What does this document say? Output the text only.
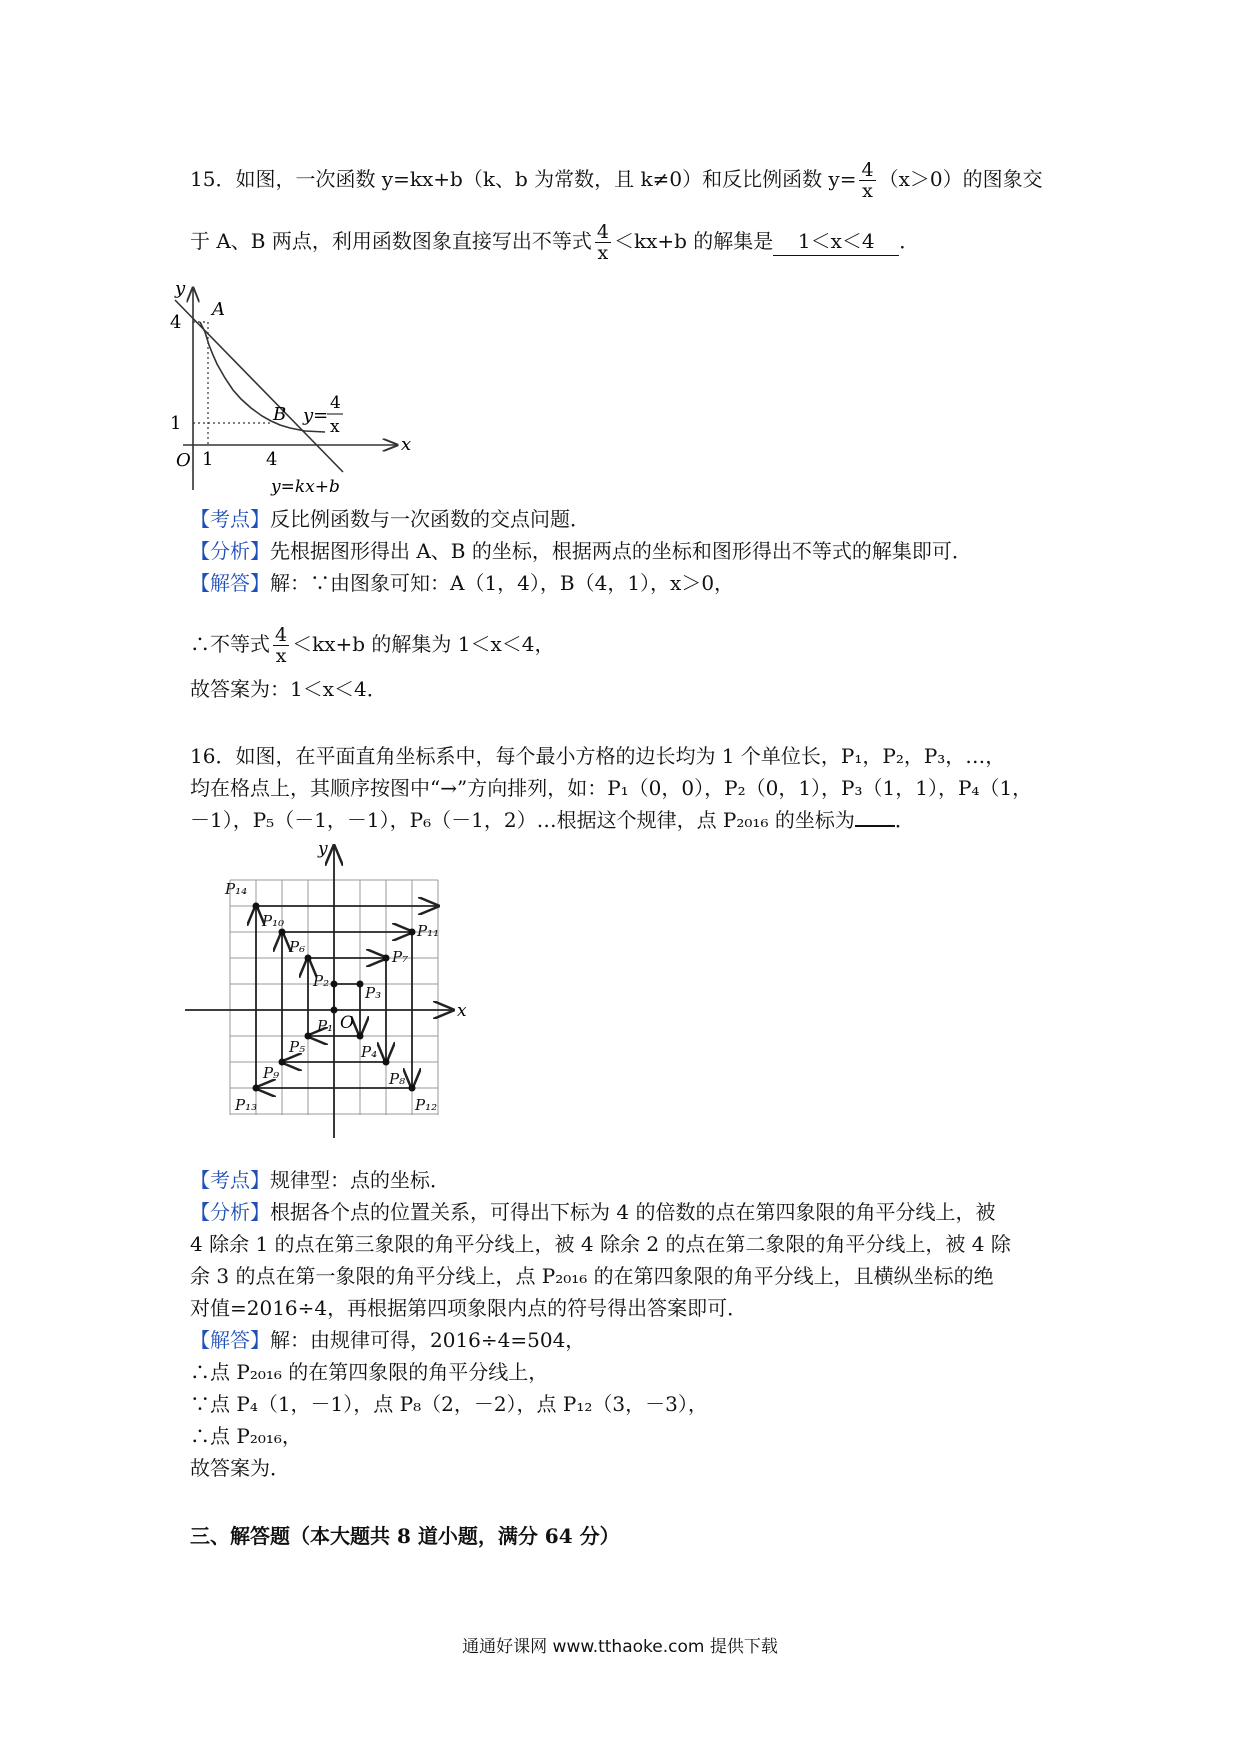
15．如图，一次函数 y=kx+b（k、b 为常数，且 k≠0）和反比例函数 $y= \frac{4}{x} (x>0)$的图象交
于 A、B 两点，利用函数图象直接写出不等式 $\frac{4}{x} <kx+b$ 的解集是 1＜x＜4 ．
y
x
O
4
1
1	4
A
B y=
4
x
y=kx+b
【考点】反比例函数与一次函数的交点问题．
【分析】先根据图形得出 A、B 的坐标，根据两点的坐标和图形得出不等式的解集即可．
【解答】解：∵由图象可知：A（1，4），B（4，1），x＞0，
∴不等式 $\frac{4}{x} <kx+b$ 的解集为 1＜x＜4，
故答案为：1＜x＜4．
16．如图，在平面直角坐标系中，每个最小方格的边长均为 1 个单位长，P₁，P₂，P₃，…，
均在格点上，其顺序按图中“→”方向排列，如：P₁（0，0），P₂（0，1），P₃（1，1），P₄（1，
－1），P₅（－1，－1），P₆（－1，2）…根据这个规律，点 P₂₀₁₆ 的坐标为 ．
y
x
O
P₁
P₂
P₃
P₄
P₅
P₆
P₇
P₈
P₉
P₁₀
P₁₁
P₁₂
P₁₃
P₁₄
【考点】规律型：点的坐标．
【分析】根据各个点的位置关系，可得出下标为 4 的倍数的点在第四象限的角平分线上，被
4 除余 1 的点在第三象限的角平分线上，被 4 除余 2 的点在第二象限的角平分线上，被 4 除
余 3 的点在第一象限的角平分线上，点 P₂₀₁₆ 的在第四象限的角平分线上，且横纵坐标的绝
对值=2016÷4，再根据第四项象限内点的符号得出答案即可．
【解答】解：由规律可得，2016÷4=504，
∴点 P₂₀₁₆ 的在第四象限的角平分线上，
∵点 P₄（1，－1），点 P₈（2，－2），点 P₁₂（3，－3），
∴点 P₂₀₁₆，
故答案为．
三、解答题（本大题共 8 道小题，满分 64 分）
通通好课网 www.tthaoke.com 提供下载
